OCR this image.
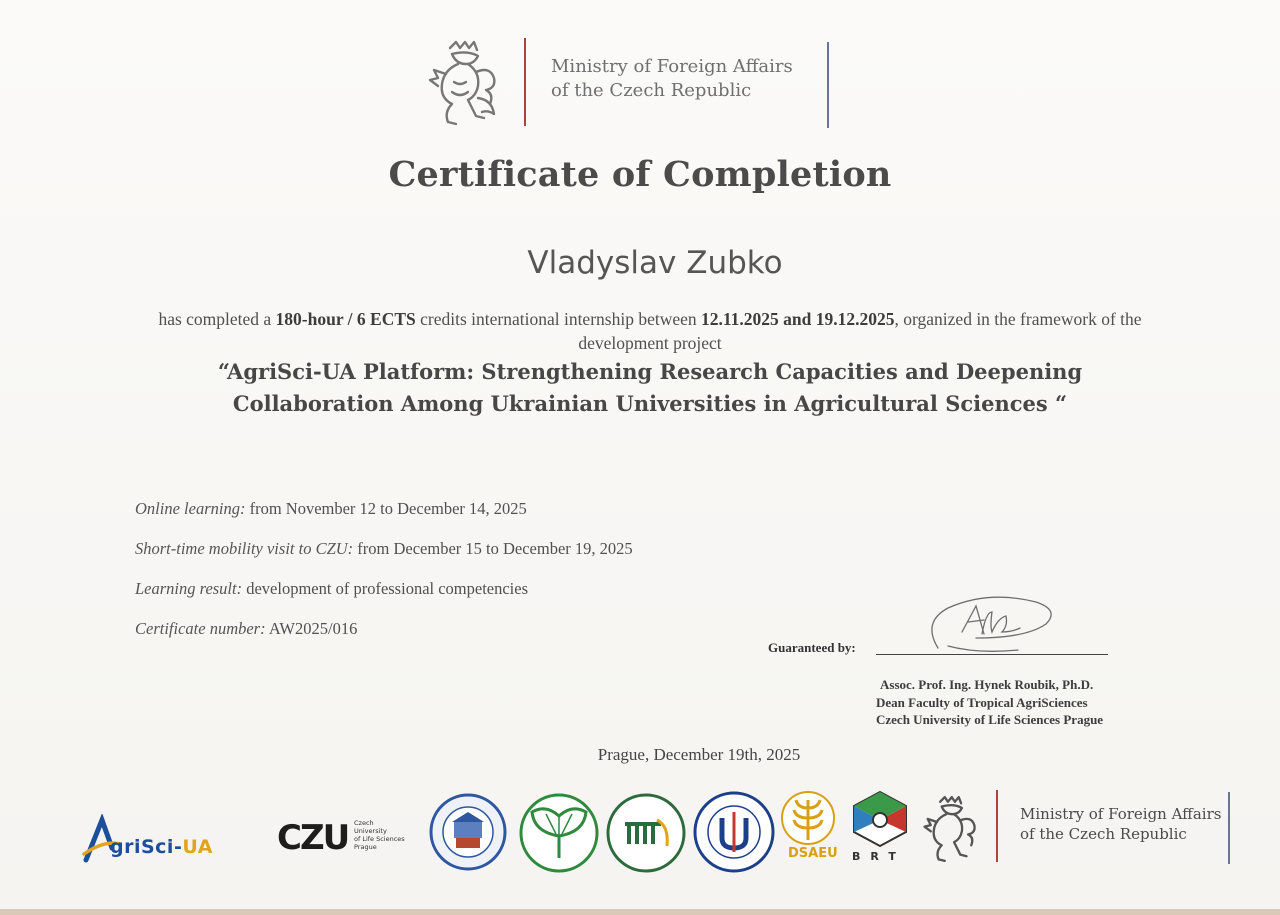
Ministry of Foreign Affairs
of the Czech Republic
Certificate of Completion
Vladyslav Zubko
has completed a 180-hour / 6 ECTS credits international internship between 12.11.2025 and 19.12.2025, organized in the framework of the development project
“AgriSci-UA Platform: Strengthening Research Capacities and Deepening
Collaboration Among Ukrainian Universities in Agricultural Sciences “
Online learning: from November 12 to December 14, 2025
Short-time mobility visit to CZU: from December 15 to December 19, 2025
Learning result: development of professional competencies
Certificate number: AW2025/016
Guaranteed by:
Assoc. Prof. Ing. Hynek Roubik, Ph.D.
Dean Faculty of Tropical AgriSciences
Czech University of Life Sciences Prague
Prague, December 19th, 2025
griSci-UA CZU Czech
University
of Life Sciences
Prague	DSAEU BRT
Ministry of Foreign Affairs
of the Czech Republic
